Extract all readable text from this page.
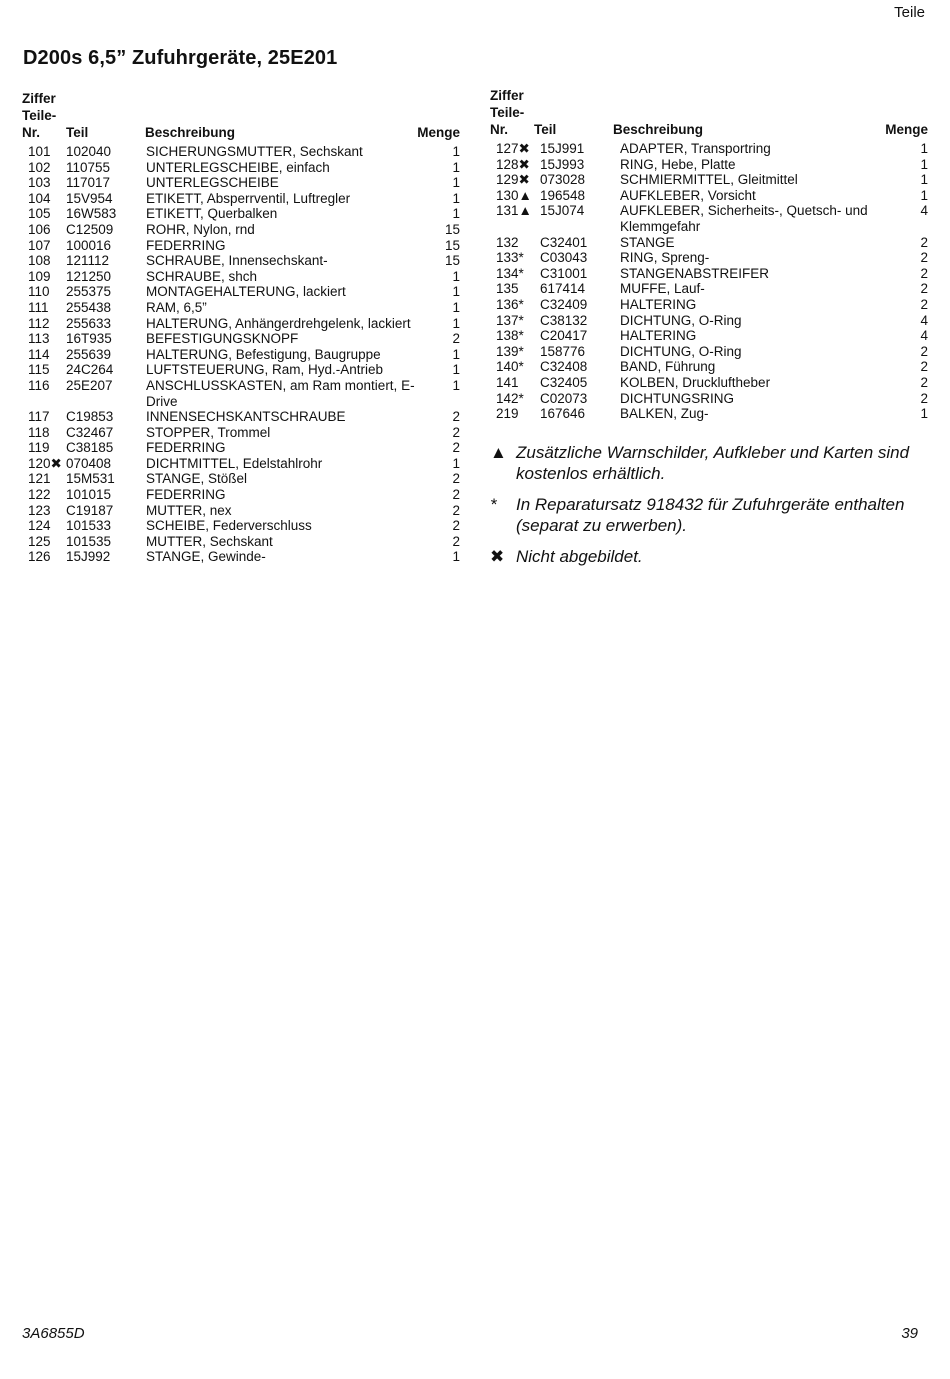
Teile
D200s 6,5” Zufuhrgeräte, 25E201
Ziffer
Teile-
Nr.	Teil	Beschreibung	Menge
101	102040	SICHERUNGSMUTTER, Sechskant	1
102	110755	UNTERLEGSCHEIBE, einfach	1
103	117017	UNTERLEGSCHEIBE	1
104	15V954	ETIKETT, Absperrventil, Luftregler	1
105	16W583	ETIKETT, Querbalken	1
106	C12509	ROHR, Nylon, rnd	15
107	100016	FEDERRING	15
108	121112	SCHRAUBE, Innensechskant-	15
109	121250	SCHRAUBE, shch	1
110	255375	MONTAGEHALTERUNG, lackiert	1
111	255438	RAM, 6,5”	1
112	255633	HALTERUNG, Anhängerdrehgelenk, lackiert	1
113	16T935	BEFESTIGUNGSKNOPF	2
114	255639	HALTERUNG, Befestigung, Baugruppe	1
115	24C264	LUFTSTEUERUNG, Ram, Hyd.-Antrieb	1
116	25E207	ANSCHLUSSKASTEN, am Ram montiert, E-Drive	1
117	C19853	INNENSECHSKANTSCHRAUBE	2
118	C32467	STOPPER, Trommel	2
119	C38185	FEDERRING	2
120✖	070408	DICHTMITTEL, Edelstahlrohr	1
121	15M531	STANGE, Stößel	2
122	101015	FEDERRING	2
123	C19187	MUTTER, nex	2
124	101533	SCHEIBE, Federverschluss	2
125	101535	MUTTER, Sechskant	2
126	15J992	STANGE, Gewinde-	1
Ziffer
Teile-
Nr.	Teil	Beschreibung	Menge
127✖	15J991	ADAPTER, Transportring	1
128✖	15J993	RING, Hebe, Platte	1
129✖	073028	SCHMIERMITTEL, Gleitmittel	1
130▲	196548	AUFKLEBER, Vorsicht	1
131▲	15J074	AUFKLEBER, Sicherheits-, Quetsch- und Klemmgefahr	4
132	C32401	STANGE	2
133*	C03043	RING, Spreng-	2
134*	C31001	STANGENABSTREIFER	2
135	617414	MUFFE, Lauf-	2
136*	C32409	HALTERING	2
137*	C38132	DICHTUNG, O-Ring	4
138*	C20417	HALTERING	4
139*	158776	DICHTUNG, O-Ring	2
140*	C32408	BAND, Führung	2
141	C32405	KOLBEN, Druckluftheber	2
142*	C02073	DICHTUNGSRING	2
219	167646	BALKEN, Zug-	1
▲ Zusätzliche Warnschilder, Aufkleber und Karten sind kostenlos erhältlich.
* In Reparatursatz 918432 für Zufuhrgeräte enthalten (separat zu erwerben).
✖ Nicht abgebildet.
3A6855D	39
